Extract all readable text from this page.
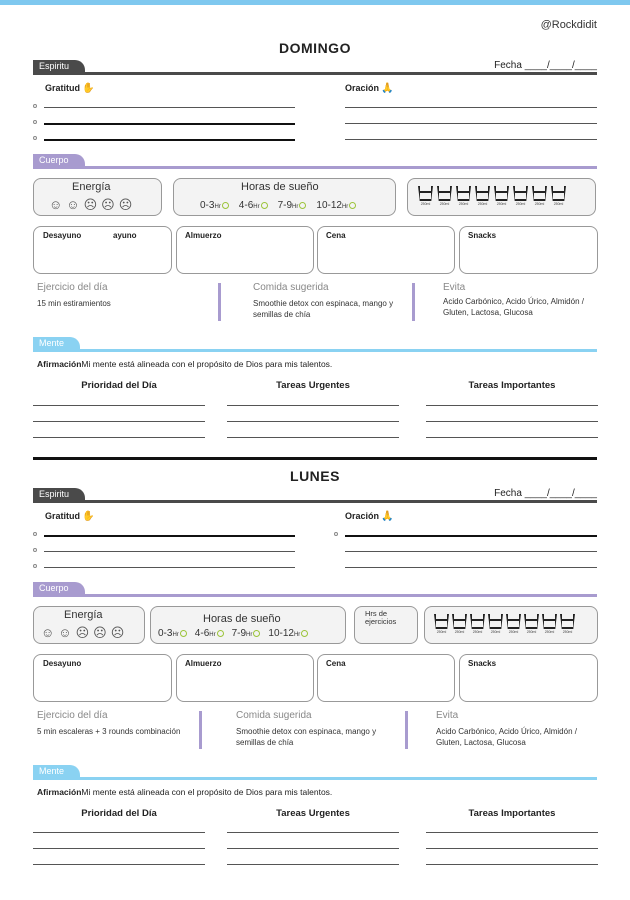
@Rockdidit
DOMINGO
Fecha ____/____/____
Espiritu
Gratitud ✋	Oración 🙏
Cuerpo
Energía
☺ ☺ ☹ ☹ ☹
Horas de sueño
0-3Hr	4-6Hr	7-9Hr	10-12Hr	250ml	250ml	250ml	250ml	250ml	250ml	250ml	250ml
Desayuno	ayuno	Almuerzo	Cena	Snacks
Ejercicio del día
15 min estiramientos
Comida sugerida
Smoothie detox con espinaca, mango y semillas de chía
Evita
Acido Carbónico, Acido Úrico, Almidón / Gluten, Lactosa, Glucosa
Mente
AfirmaciónMi mente está alineada con el propósito de Dios para mis talentos.
Prioridad del Día	Tareas Urgentes	Tareas Importantes
LUNES
Fecha ____/____/____
Espiritu
Gratitud ✋	Oración 🙏
Cuerpo
Energía
☺ ☺ ☹ ☹ ☹
Horas de sueño
0-3Hr	4-6Hr	7-9Hr	10-12Hr
Hrs de ejercicios
250ml	250ml	250ml	250ml	250ml	250ml	250ml	250ml
Desayuno	Almuerzo	Cena	Snacks
Ejercicio del día
5 min escaleras + 3 rounds combinación
Comida sugerida
Smoothie detox con espinaca, mango y semillas de chía
Evita
Acido Carbónico, Acido Úrico, Almidón / Gluten, Lactosa, Glucosa
Mente
AfirmaciónMi mente está alineada con el propósito de Dios para mis talentos.
Prioridad del Día	Tareas Urgentes	Tareas Importantes
